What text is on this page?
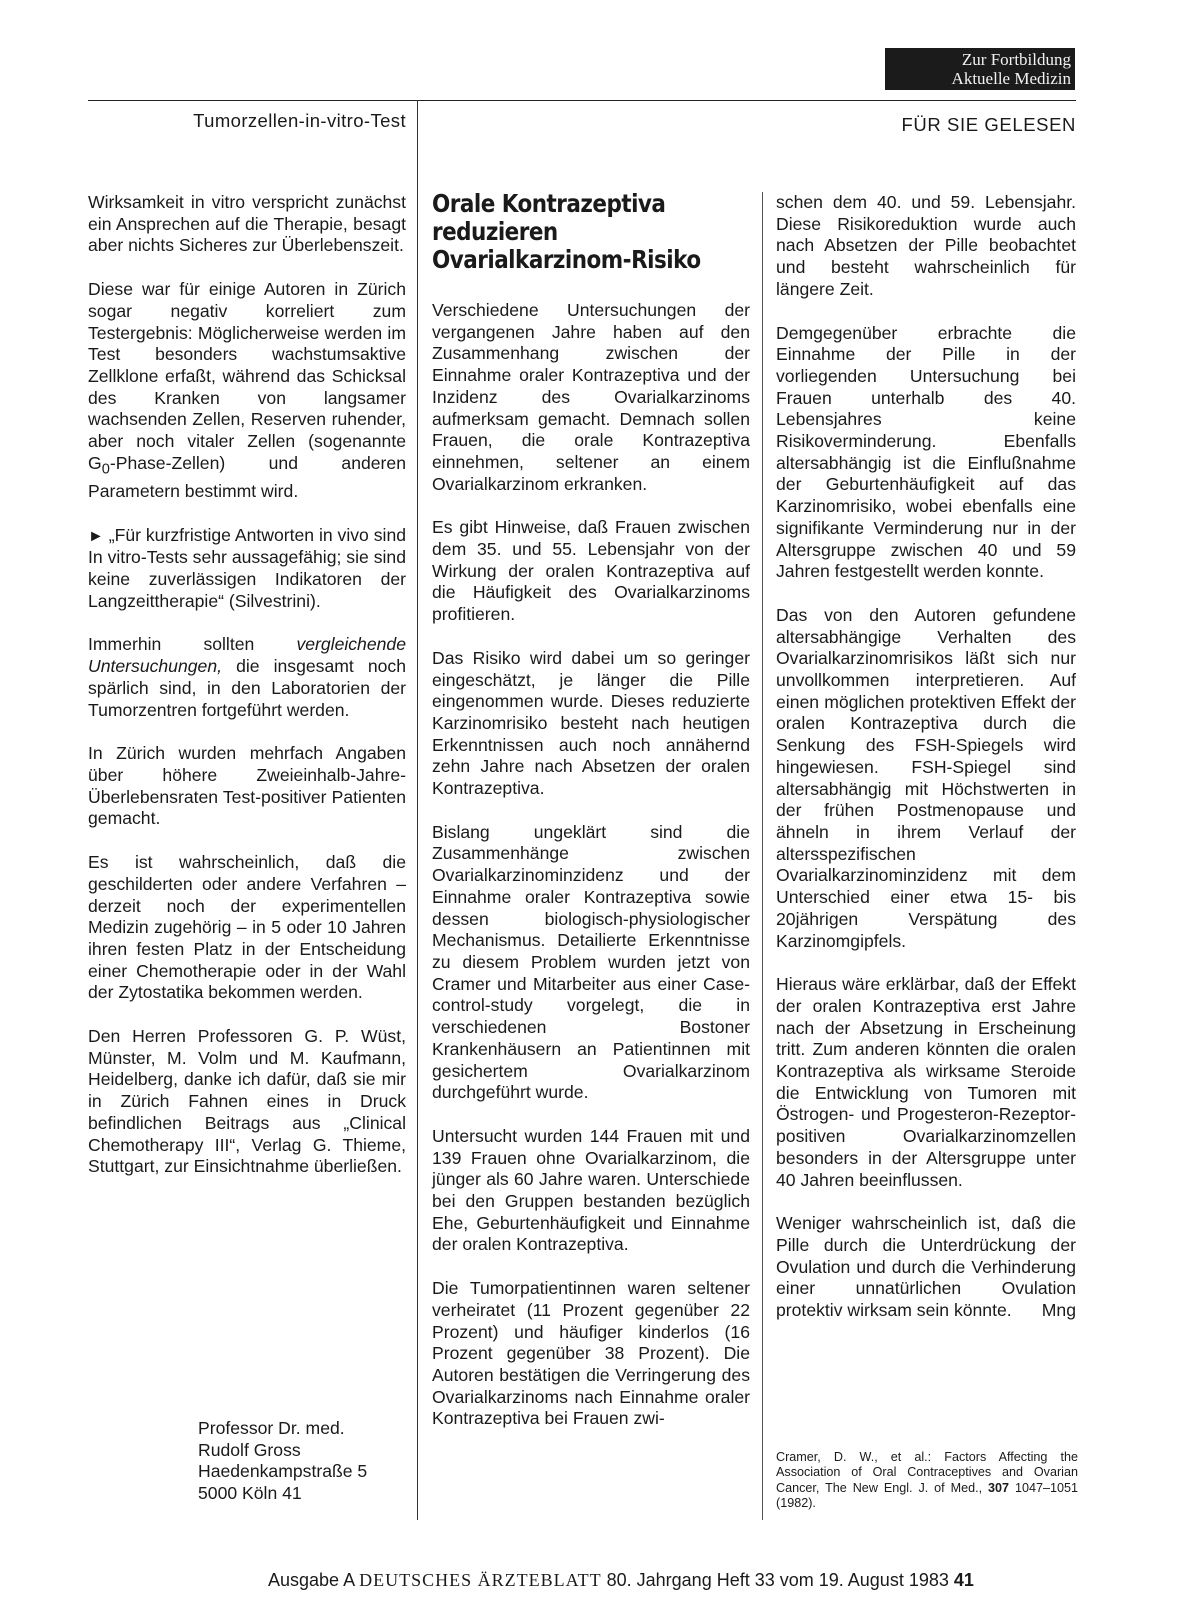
Zur Fortbildung
Aktuelle Medizin
Tumorzellen-in-vitro-Test	FÜR SIE GELESEN

Wirksamkeit in vitro verspricht zunächst ein Ansprechen auf die Therapie, besagt aber nichts Sicheres zur Überlebenszeit.

Diese war für einige Autoren in Zürich sogar negativ korreliert zum Testergebnis: Möglicherweise werden im Test besonders wachstumsaktive Zellklone erfaßt, während das Schicksal des Kranken von langsamer wachsenden Zellen, Reserven ruhender, aber noch vitaler Zellen (sogenannte $G_0-Phase-Zellen$) und anderen Parametern bestimmt wird.

► „Für kurzfristige Antworten in vivo sind In vitro-Tests sehr aussagefähig; sie sind keine zuverlässigen Indikatoren der Langzeittherapie“ (Silvestrini).

Immerhin sollten vergleichende Untersuchungen, die insgesamt noch spärlich sind, in den Laboratorien der Tumorzentren fortgeführt werden.

In Zürich wurden mehrfach Angaben über höhere Zweieinhalb-Jahre-Überlebensraten Test-positiver Patienten gemacht.

Es ist wahrscheinlich, daß die geschilderten oder andere Verfahren – derzeit noch der experimentellen Medizin zugehörig – in 5 oder 10 Jahren ihren festen Platz in der Entscheidung einer Chemotherapie oder in der Wahl der Zytostatika bekommen werden.

Den Herren Professoren G. P. Wüst, Münster, M. Volm und M. Kaufmann, Heidelberg, danke ich dafür, daß sie mir in Zürich Fahnen eines in Druck befindlichen Beitrags aus „Clinical Chemotherapy III“, Verlag G. Thieme, Stuttgart, zur Einsichtnahme überließen.

Professor Dr. med.
Rudolf Gross
Haedenkampstraße 5
5000 Köln 41
Orale Kontrazeptiva
reduzieren
Ovarialkarzinom-Risiko

Verschiedene Untersuchungen der vergangenen Jahre haben auf den Zusammenhang zwischen der Einnahme oraler Kontrazeptiva und der Inzidenz des Ovarialkarzinoms aufmerksam gemacht. Demnach sollen Frauen, die orale Kontrazeptiva einnehmen, seltener an einem Ovarialkarzinom erkranken.

Es gibt Hinweise, daß Frauen zwischen dem 35. und 55. Lebensjahr von der Wirkung der oralen Kontrazeptiva auf die Häufigkeit des Ovarialkarzinoms profitieren.

Das Risiko wird dabei um so geringer eingeschätzt, je länger die Pille eingenommen wurde. Dieses reduzierte Karzinomrisiko besteht nach heutigen Erkenntnissen auch noch annähernd zehn Jahre nach Absetzen der oralen Kontrazeptiva.

Bislang ungeklärt sind die Zusammenhänge zwischen Ovarialkarzinominzidenz und der Einnahme oraler Kontrazeptiva sowie dessen biologisch-physiologischer Mechanismus. Detailierte Erkenntnisse zu diesem Problem wurden jetzt von Cramer und Mitarbeiter aus einer Case-control-study vorgelegt, die in verschiedenen Bostoner Krankenhäusern an Patientinnen mit gesichertem Ovarialkarzinom durchgeführt wurde.

Untersucht wurden 144 Frauen mit und 139 Frauen ohne Ovarialkarzinom, die jünger als 60 Jahre waren. Unterschiede bei den Gruppen bestanden bezüglich Ehe, Geburtenhäufigkeit und Einnahme der oralen Kontrazeptiva.

Die Tumorpatientinnen waren seltener verheiratet (11 Prozent gegenüber 22 Prozent) und häufiger kinderlos (16 Prozent gegenüber 38 Prozent). Die Autoren bestätigen die Verringerung des Ovarialkarzinoms nach Einnahme oraler Kontrazeptiva bei Frauen zwi-

schen dem 40. und 59. Lebensjahr. Diese Risikoreduktion wurde auch nach Absetzen der Pille beobachtet und besteht wahrscheinlich für längere Zeit.

Demgegenüber erbrachte die Einnahme der Pille in der vorliegenden Untersuchung bei Frauen unterhalb des 40. Lebensjahres keine Risikoverminderung. Ebenfalls altersabhängig ist die Einflußnahme der Geburtenhäufigkeit auf das Karzinomrisiko, wobei ebenfalls eine signifikante Verminderung nur in der Altersgruppe zwischen 40 und 59 Jahren festgestellt werden konnte.

Das von den Autoren gefundene altersabhängige Verhalten des Ovarialkarzinomrisikos läßt sich nur unvollkommen interpretieren. Auf einen möglichen protektiven Effekt der oralen Kontrazeptiva durch die Senkung des FSH-Spiegels wird hingewiesen. FSH-Spiegel sind altersabhängig mit Höchstwerten in der frühen Postmenopause und ähneln in ihrem Verlauf der altersspezifischen Ovarialkarzinominzidenz mit dem Unterschied einer etwa 15- bis 20jährigen Verspätung des Karzinomgipfels.

Hieraus wäre erklärbar, daß der Effekt der oralen Kontrazeptiva erst Jahre nach der Absetzung in Erscheinung tritt. Zum anderen könnten die oralen Kontrazeptiva als wirksame Steroide die Entwicklung von Tumoren mit Östrogen- und Progesteron-Rezeptor-positiven Ovarialkarzinomzellen besonders in der Altersgruppe unter 40 Jahren beeinflussen.

Weniger wahrscheinlich ist, daß die Pille durch die Unterdrückung der Ovulation und durch die Verhinderung einer unnatürlichen Ovulation protektiv wirksam sein könnte. Mng

Cramer, D. W., et al.: Factors Affecting the Association of Oral Contraceptives and Ovarian Cancer, The New Engl. J. of Med., 307 1047–1051 (1982).
Ausgabe A DEUTSCHES ÄRZTEBLATT 80. Jahrgang Heft 33 vom 19. August 1983 41
